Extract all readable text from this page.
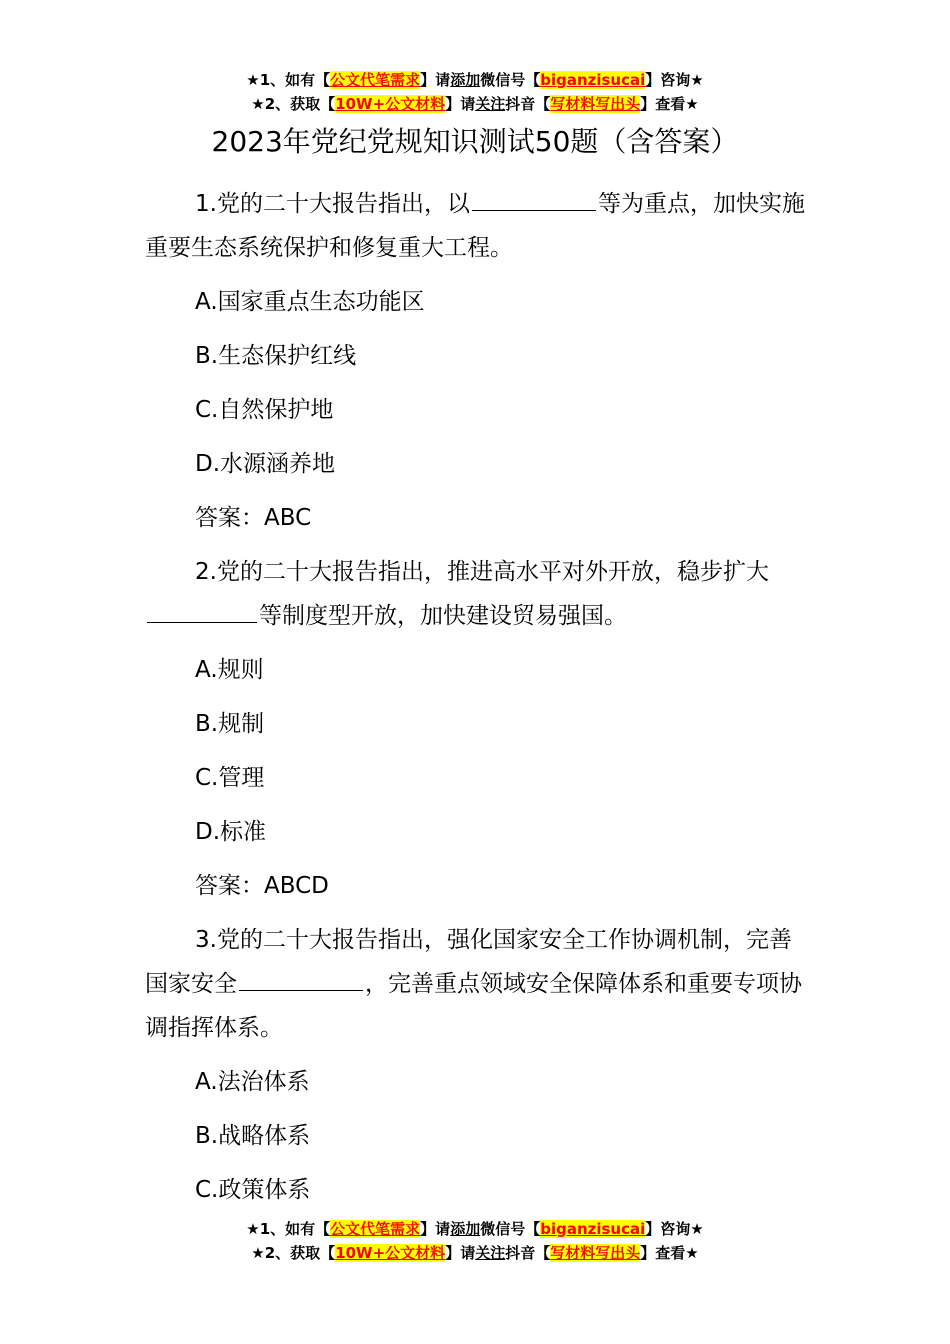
★1、如有【公文代笔需求】请添加微信号【biganzisucai】咨询★
★2、获取【10W+公文材料】请关注抖音【写材料写出头】查看★
2023年党纪党规知识测试50题（含答案）

1.党的二十大报告指出，以	等为重点，加快实施重要生态系统保护和修复重大工程。

A.国家重点生态功能区

B.生态保护红线

C.自然保护地

D.水源涵养地

答案：ABC

2.党的二十大报告指出，推进高水平对外开放，稳步扩大等制度型开放，加快建设贸易强国。

A.规则

B.规制

C.管理

D.标准

答案：ABCD

3.党的二十大报告指出，强化国家安全工作协调机制，完善国家安全	，完善重点领域安全保障体系和重要专项协调指挥体系。

A.法治体系

B.战略体系

C.政策体系

★1、如有【公文代笔需求】请添加微信号【biganzisucai】咨询★
★2、获取【10W+公文材料】请关注抖音【写材料写出头】查看★
